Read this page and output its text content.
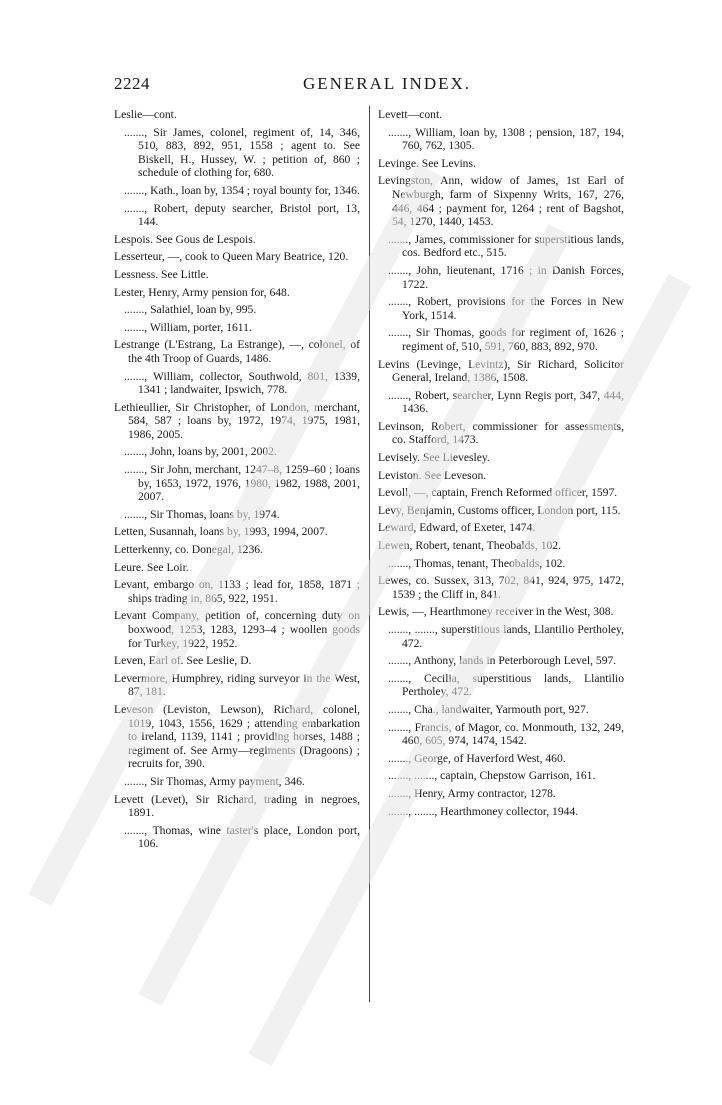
2224	GENERAL INDEX.

Leslie—cont.

......., Sir James, colonel, regiment of, 14, 346, 510, 883, 892, 951, 1558 ; agent to. See Biskell, H., Hussey, W. ; petition of, 860 ; schedule of clothing for, 680.

......., Kath., loan by, 1354 ; royal bounty for, 1346.

......., Robert, deputy searcher, Bristol port, 13, 144.

Lespois. See Gous de Lespois.

Lesserteur, —, cook to Queen Mary Beatrice, 120.

Lessness. See Little.

Lester, Henry, Army pension for, 648.

......., Salathiel, loan by, 995.

......., William, porter, 1611.

Lestrange (L'Estrang, La Estrange), —, colonel, of the 4th Troop of Guards, 1486.

......., William, collector, Southwold, 801, 1339, 1341 ; landwaiter, Ipswich, 778.

Lethieullier, Sir Christopher, of London, merchant, 584, 587 ; loans by, 1972, 1974, 1975, 1981, 1986, 2005.

......., John, loans by, 2001, 2002.

......., Sir John, merchant, 1247–8, 1259–60 ; loans by, 1653, 1972, 1976, 1980, 1982, 1988, 2001, 2007.

......., Sir Thomas, loans by, 1974.

Letten, Susannah, loans by, 1993, 1994, 2007.

Letterkenny, co. Donegal, 1236.

Leure. See Loir.

Levant, embargo on, 1133 ; lead for, 1858, 1871 ; ships trading in, 865, 922, 1951.

Levant Company, petition of, concerning duty on boxwood, 1253, 1283, 1293–4 ; woollen goods for Turkey, 1922, 1952.

Leven, Earl of. See Leslie, D.

Levermore, Humphrey, riding surveyor in the West, 87, 181.

Leveson (Leviston, Lewson), Richard, colonel, 1019, 1043, 1556, 1629 ; attending embarkation to Ireland, 1139, 1141 ; providing horses, 1488 ; regiment of. See Army—regiments (Dragoons) ; recruits for, 390.

......., Sir Thomas, Army payment, 346.

Levett (Levet), Sir Richard, trading in negroes, 1891.

......., Thomas, wine taster's place, London port, 106.

Levett—cont.

......., William, loan by, 1308 ; pension, 187, 194, 760, 762, 1305.

Levinge. See Levins.

Levingston, Ann, widow of James, 1st Earl of Newburgh, farm of Sixpenny Writs, 167, 276, 446, 464 ; payment for, 1264 ; rent of Bagshot, 54, 1270, 1440, 1453.

......., James, commissioner for superstitious lands, cos. Bedford etc., 515.

......., John, lieutenant, 1716 ; in Danish Forces, 1722.

......., Robert, provisions for the Forces in New York, 1514.

......., Sir Thomas, goods for regiment of, 1626 ; regiment of, 510, 591, 760, 883, 892, 970.

Levins (Levinge, Levintz), Sir Richard, Solicitor General, Ireland, 1386, 1508.

......., Robert, searcher, Lynn Regis port, 347, 444, 1436.

Levinson, Robert, commissioner for assessments, co. Stafford, 1473.

Levisely. See Lievesley.

Leviston. See Leveson.

Levoll, —, captain, French Reformed officer, 1597.

Levy, Benjamin, Customs officer, London port, 115.

Leward, Edward, of Exeter, 1474.

Lewen, Robert, tenant, Theobalds, 102.

......., Thomas, tenant, Theobalds, 102.

Lewes, co. Sussex, 313, 702, 841, 924, 975, 1472, 1539 ; the Cliff in, 841.

Lewis, —, Hearthmoney receiver in the West, 308.

......., ......., superstitious lands, Llantilio Pertholey, 472.

......., Anthony, lands in Peterborough Level, 597.

......., Cecilia, superstitious lands, Llantilio Pertholey, 472.

......., Cha., landwaiter, Yarmouth port, 927.

......., Francis, of Magor, co. Monmouth, 132, 249, 460, 605, 974, 1474, 1542.

......., George, of Haverford West, 460.

......., ......., captain, Chepstow Garrison, 161.

......., Henry, Army contractor, 1278.

......., ......., Hearthmoney collector, 1944.
